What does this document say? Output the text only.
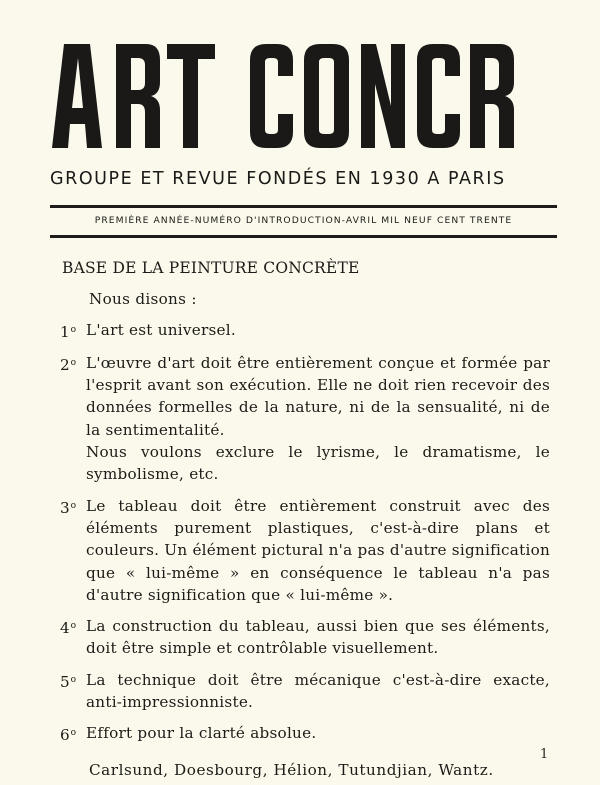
GROUPE ET REVUE FONDÉS EN 1930 A PARIS
PREMIÈRE ANNÉE-NUMÉRO D'INTRODUCTION-AVRIL MIL NEUF CENT TRENTE
BASE DE LA PEINTURE CONCRÈTE
Nous disons :
1$^o$ L'art est universel.

2$^o$ L'œuvre d'art doit être entièrement conçue et formée par l'esprit avant son exécution. Elle ne doit rien recevoir des données formelles de la nature, ni de la sensualité, ni de la sentimentalité.

Nous voulons exclure le lyrisme, le dramatisme, le symbolisme, etc.

3$^o$ Le tableau doit être entièrement construit avec des éléments purement plastiques, c'est-à-dire plans et couleurs. Un élément pictural n'a pas d'autre signification que « lui-même » en conséquence le tableau n'a pas d'autre signification que « lui-même ».

4$^o$ La construction du tableau, aussi bien que ses éléments, doit être simple et contrôlable visuellement.

5$^o$ La technique doit être mécanique c'est-à-dire exacte, anti-impressionniste.

6$^o$ Effort pour la clarté absolue.

Carlsund, Doesbourg, Hélion, Tutundjian, Wantz.
1
